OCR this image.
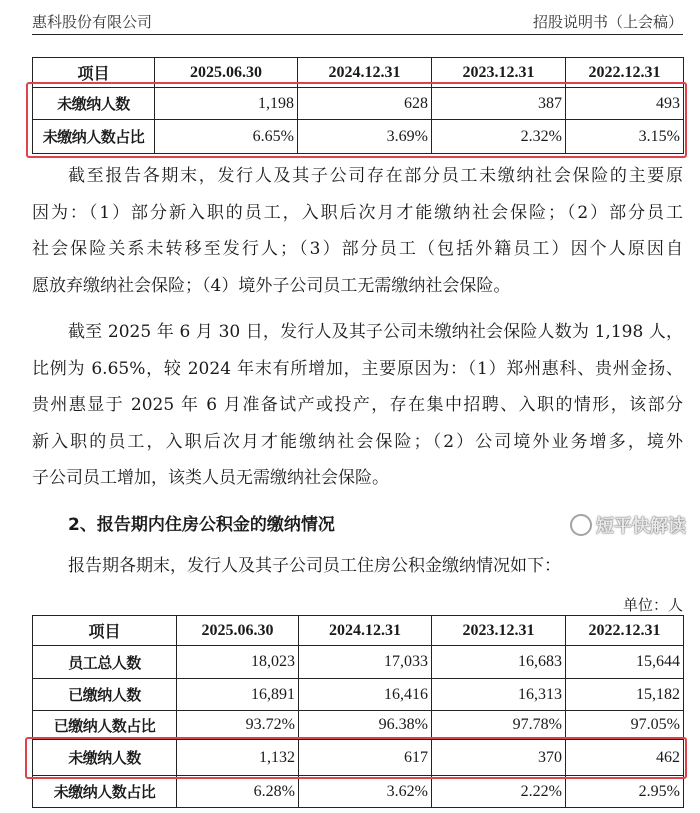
惠科股份有限公司	招股说明书（上会稿）
项目	2025.06.30	2024.12.31	2023.12.31	2022.12.31
未缴纳人数	1,198	628	387	493
未缴纳人数占比	6.65%	3.69%	2.32%	3.15%
截至报告各期末，发行人及其子公司存在部分员工未缴纳社会保险的主要原
因为：（1）部分新入职的员工，入职后次月才能缴纳社会保险；（2）部分员工
社会保险关系未转移至发行人；（3）部分员工（包括外籍员工）因个人原因自
愿放弃缴纳社会保险；（4）境外子公司员工无需缴纳社会保险。
截至 2025 年 6 月 30 日，发行人及其子公司未缴纳社会保险人数为 1,198 人，
比例为 6.65%，较 2024 年末有所增加，主要原因为：（1）郑州惠科、贵州金扬、
贵州惠显于 2025 年 6 月准备试产或投产，存在集中招聘、入职的情形，该部分
新入职的员工，入职后次月才能缴纳社会保险；（2）公司境外业务增多，境外
子公司员工增加，该类人员无需缴纳社会保险。
2、报告期内住房公积金的缴纳情况
报告期各期末，发行人及其子公司员工住房公积金缴纳情况如下：
单位：人
项目	2025.06.30	2024.12.31	2023.12.31	2022.12.31
员工总人数	18,023	17,033	16,683	15,644
已缴纳人数	16,891	16,416	16,313	15,182
已缴纳人数占比	93.72%	96.38%	97.78%	97.05%
未缴纳人数	1,132	617	370	462
未缴纳人数占比	6.28%	3.62%	2.22%	2.95%
短平快解读
